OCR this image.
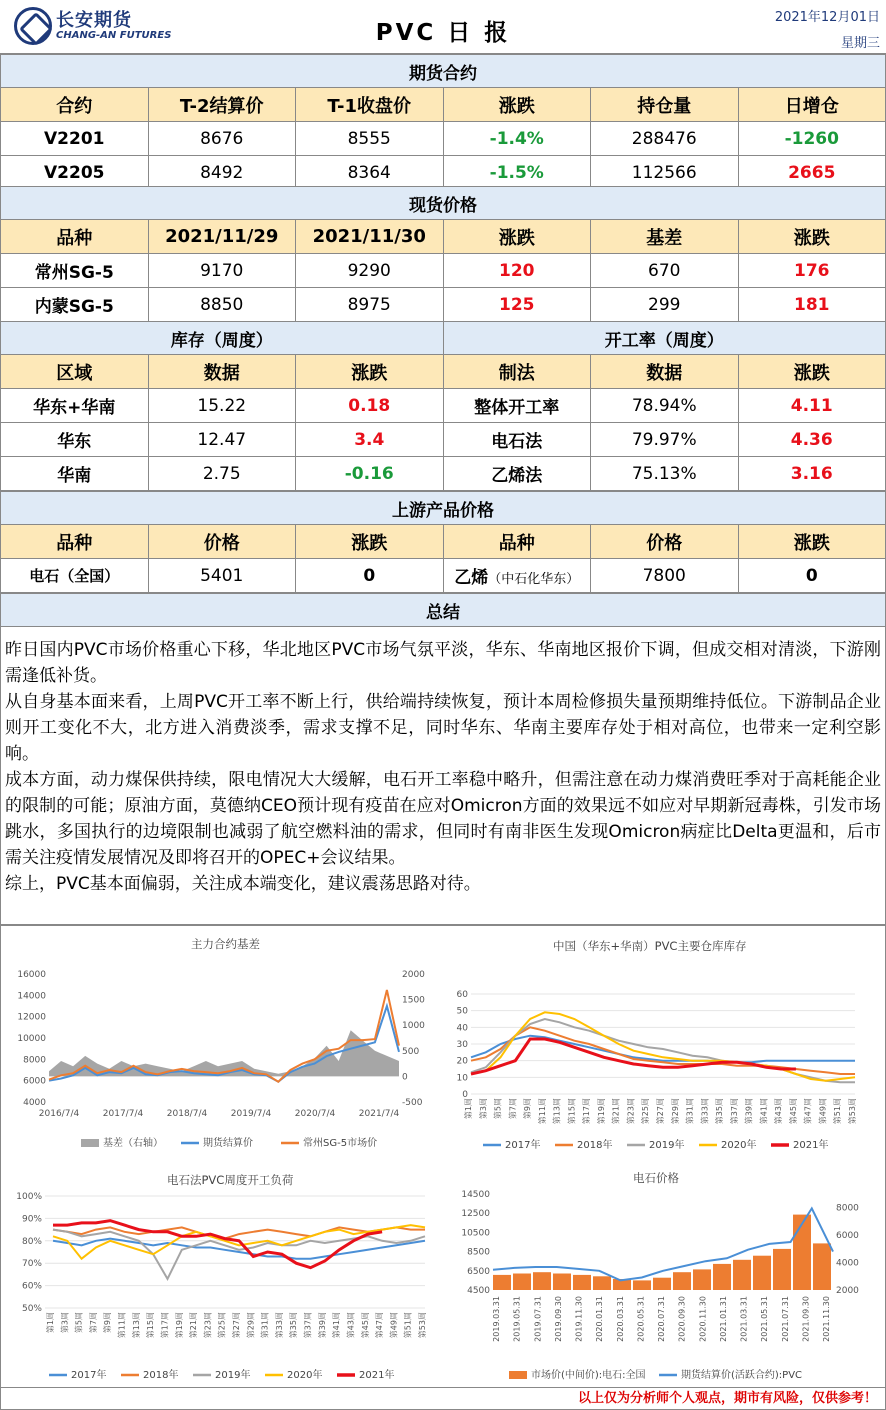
长安期货
CHANG-AN FUTURES	PVC 日 报
2021年12月01日
星期三
期货合约					
合约	T-2结算价	T-1收盘价	涨跌	持仓量	日增仓
V2201	8676	8555	-1.4%	288476	-1260
V2205	8492	8364	-1.5%	112566	2665
现货价格					
品种	2021/11/29	2021/11/30	涨跌	基差	涨跌
常州SG-5	9170	9290	120	670	176
内蒙SG-5	8850	8975	125	299	181
库存（周度）			开工率（周度）		
区域	数据	涨跌	制法	数据	涨跌
华东+华南	15.22	0.18	整体开工率	78.94%	4.11
华东	12.47	3.4	电石法	79.97%	4.36
华南	2.75	-0.16	乙烯法	75.13%	3.16
上游产品价格					
品种	价格	涨跌	品种	价格	涨跌
电石（全国）	5401	0	乙烯（中石化华东）	7800	0
总结

昨日国内PVC市场价格重心下移，华北地区PVC市场气氛平淡，华东、华南地区报价下调，但成交相对清淡，下游刚需逢低补货。

从自身基本面来看，上周PVC开工率不断上行，供给端持续恢复，预计本周检修损失量预期维持低位。下游制品企业则开工变化不大，北方进入消费淡季，需求支撑不足，同时华东、华南主要库存处于相对高位，也带来一定利空影响。

成本方面，动力煤保供持续，限电情况大大缓解，电石开工率稳中略升，但需注意在动力煤消费旺季对于高耗能企业的限制的可能；原油方面，莫德纳CEO预计现有疫苗在应对Omicron方面的效果远不如应对早期新冠毒株，引发市场跳水，多国执行的边境限制也减弱了航空燃料油的需求，但同时有南非医生发现Omicron病症比Delta更温和，后市需关注疫情发展情况及即将召开的OPEC+会议结果。

综上，PVC基本面偏弱，关注成本端变化，建议震荡思路对待。

主力合约基差
4000
6000
8000
10000
12000
14000
16000
-500
0
500
1000
1500
2000
2016/7/4	2017/7/4	2018/7/4	2019/7/4	2020/7/4	2021/7/4
基差（右轴）	期货结算价	常州SG-5市场价
中国（华东+华南）PVC主要仓库库存
0
10
20
30
40
50
60
第1周 第3周 第5周 第7周 第9周 第11周 第13周 第15周 第17周 第19周 第21周 第23周 第25周 第27周 第29周 第31周 第33周 第35周 第37周 第39周 第41周 第43周 第45周 第47周 第49周 第51周 第53周
2017年	2018年	2019年	2020年	2021年
电石法PVC周度开工负荷
50%
60%
70%
80%
90%
100%
第1周 第3周 第5周 第7周 第9周 第11周 第13周 第15周 第17周 第19周 第21周 第23周 第25周 第27周 第29周 第31周 第33周 第35周 第37周 第39周 第41周 第43周 第45周 第47周 第49周 第51周 第53周
2017年	2018年	2019年	2020年	2021年
电石价格
4500
6500
8500
10500
12500
14500
2000
4000
6000
8000
2019.03.31 2019.05.31 2019.07.31 2019.09.30 2019.11.30 2020.01.31 2020.03.31 2020.05.31 2020.07.31 2020.09.30 2020.11.30 2021.01.31 2021.03.31 2021.05.31 2021.07.31 2021.09.30 2021.11.30
市场价(中间价):电石:全国	期货结算价(活跃合约):PVC
以上仅为分析师个人观点，期市有风险，仅供参考！
